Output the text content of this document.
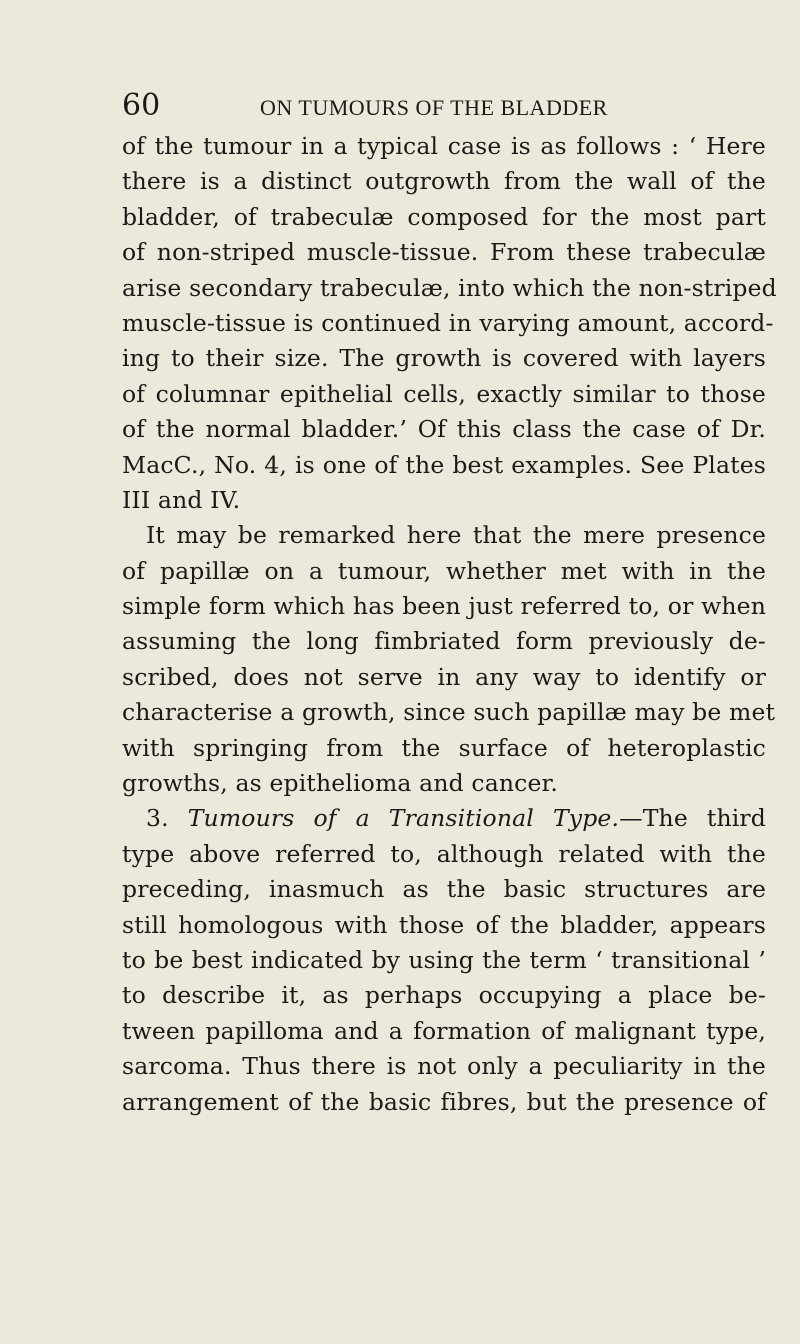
60	ON TUMOURS OF THE BLADDER
of the tumour in a typical case is as follows : ‘ Here
there is a distinct outgrowth from the wall of the
bladder, of trabeculæ composed for the most part
of non-striped muscle-tissue. From these trabeculæ
arise secondary trabeculæ, into which the non-striped
muscle-tissue is continued in varying amount, accord-
ing to their size. The growth is covered with layers
of columnar epithelial cells, exactly similar to those
of the normal bladder.’ Of this class the case of Dr.
MacC., No. 4, is one of the best examples. See Plates
III and IV.
It may be remarked here that the mere presence
of papillæ on a tumour, whether met with in the
simple form which has been just referred to, or when
assuming the long fimbriated form previously de-
scribed, does not serve in any way to identify or
characterise a growth, since such papillæ may be met
with springing from the surface of heteroplastic
growths, as epithelioma and cancer.
3. Tumours of a Transitional Type.—The third
type above referred to, although related with the
preceding, inasmuch as the basic structures are
still homologous with those of the bladder, appears
to be best indicated by using the term ‘ transitional ’
to describe it, as perhaps occupying a place be-
tween papilloma and a formation of malignant type,
sarcoma. Thus there is not only a peculiarity in the
arrangement of the basic fibres, but the presence of
